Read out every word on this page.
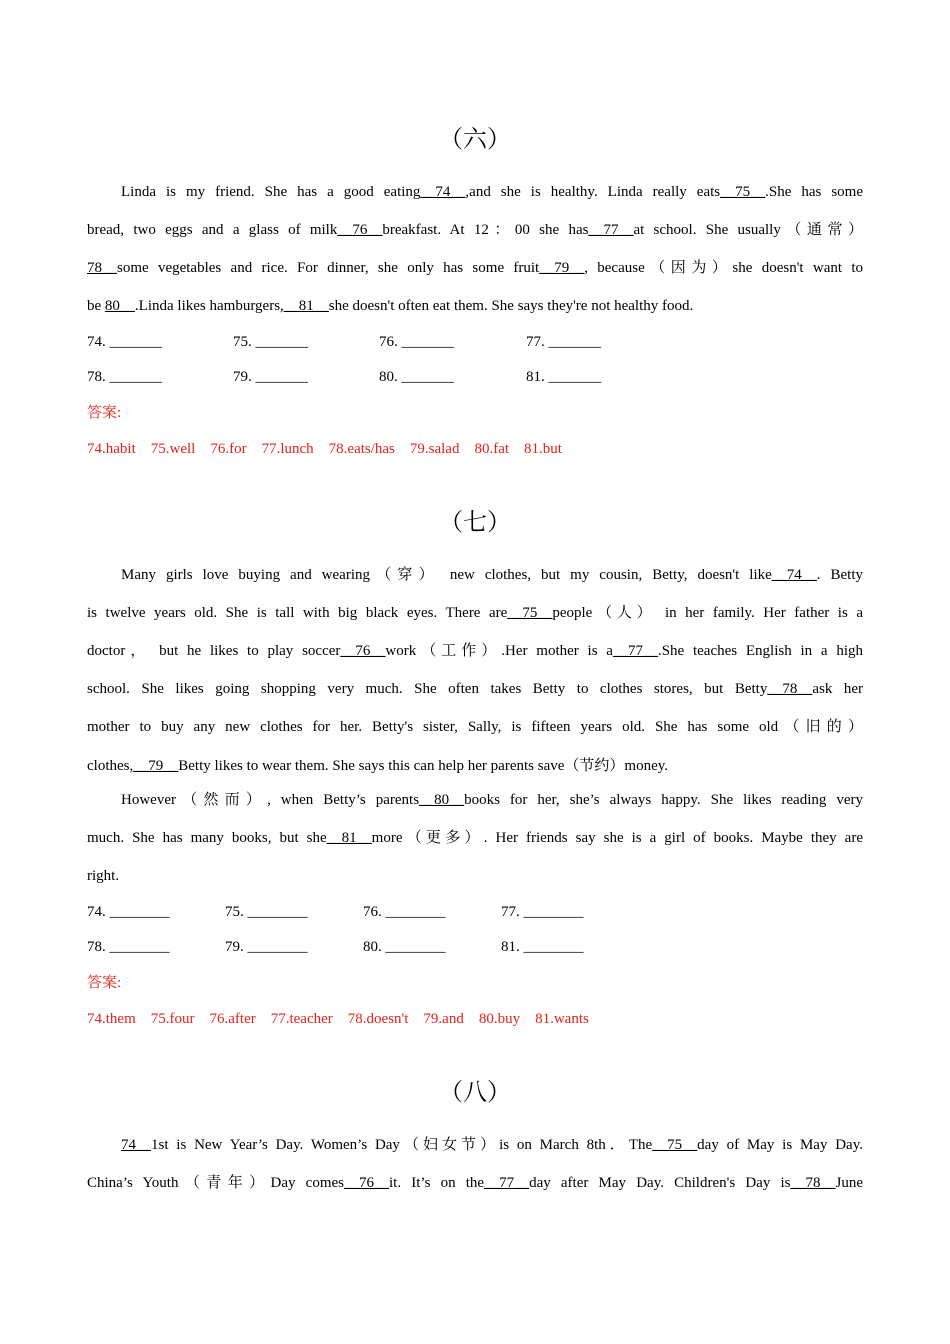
（六）

Linda is my friend. She has a good eating__74__,and she is healthy. Linda really eats__75__.She has some

bread, two eggs and a glass of milk__76__breakfast. At 12：00 she has__77__at school. She usually（通常）

78__some vegetables and rice. For dinner, she only has some fruit__79__, because（因为）she doesn't want to

be 80__.Linda likes hamburgers,__81__she doesn't often eat them. She says they're not healthy food.

74. _______	75. _______	76. _______	77. _______
78. _______	79. _______	80. _______	81. _______
答案:
74.habit 75.well 76.for 77.lunch 78.eats/has 79.salad 80.fat 81.but
（七）

Many girls love buying and wearing（穿） new clothes, but my cousin, Betty, doesn't like__74__. Betty

is twelve years old. She is tall with big black eyes. There are__75__people（人） in her family. Her father is a

doctor， but he likes to play soccer__76__work（工作）.Her mother is a__77__.She teaches English in a high

school. She likes going shopping very much. She often takes Betty to clothes stores, but Betty__78__ask her

mother to buy any new clothes for her. Betty's sister, Sally, is fifteen years old. She has some old（旧的）

clothes,__79__Betty likes to wear them. She says this can help her parents save（节约）money.

However（然而）, when Betty’s parents__80__books for her, she’s always happy. She likes reading very

much. She has many books, but she__81__more（更多）. Her friends say she is a girl of books. Maybe they are

right.

74. ________	75. ________	76. ________	77. ________
78. ________	79. ________	80. ________	81. ________
答案:
74.them 75.four 76.after 77.teacher 78.doesn't 79.and 80.buy 81.wants
（八）

74__1st is New Year’s Day. Women’s Day（妇女节）is on March 8th．The__75__day of May is May Day.

China’s Youth（青年）Day comes__76__it. It’s on the__77__day after May Day. Children's Day is__78__June
